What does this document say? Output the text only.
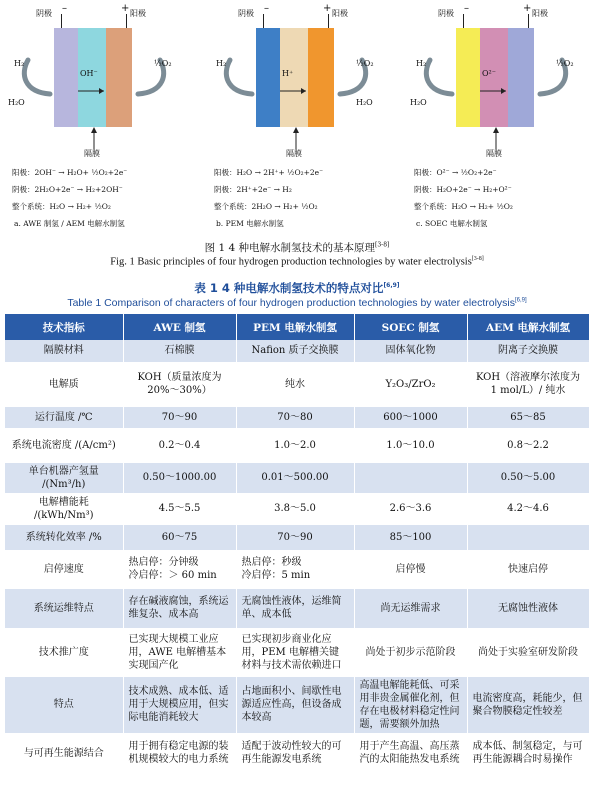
阴极 –	+ 阳极
OH⁻
H₂
H₂O
½O₂
隔膜
阳极：2OH⁻ → H₂O+ ½O₂+2e⁻
阴极：2H₂O+2e⁻ → H₂+2OH⁻
整个系统：H₂O → H₂+ ½O₂
a. AWE 制氢 / AEM 电解水制氢
阴极 –	+ 阳极
H⁺
H₂	½O₂
H₂O
隔膜
阳极：H₂O → 2H⁺+ ½O₂+2e⁻
阴极：2H⁺+2e⁻ → H₂
整个系统：2H₂O → H₂+ ½O₂
b. PEM 电解水制氢
阴极 –	+ 阳极
O²⁻
H₂
H₂O
½O₂
隔膜
阳极：O²⁻ → ½O₂+2e⁻
阴极：H₂O+2e⁻ → H₂+O²⁻
整个系统：H₂O → H₂+ ½O₂
c. SOEC 电解水制氢
图 1 4 种电解水制氢技术的基本原理[3-8]
Fig. 1 Basic principles of four hydrogen production technologies by water electrolysis[3-8]
表 1 4 种电解水制氢技术的特点对比[6,9]
Table 1 Comparison of characters of four hydrogen production technologies by water electrolysis[6,9]
技术指标	AWE 制氢	PEM 电解水制氢	SOEC 制氢	AEM 电解水制氢
隔膜材料	石棉膜	Nafion 质子交换膜	固体氧化物	阴离子交换膜
电解质	KOH（质量浓度为 20%～30%）	纯水	Y₂O₃/ZrO₂	KOH（溶液摩尔浓度为 1 mol/L）/ 纯水
运行温度 /℃	70～90	70～80	600～1000	65～85
系统电流密度 /(A/cm²)	0.2～0.4	1.0～2.0	1.0～10.0	0.8～2.2
单台机器产氢量 /(Nm³/h)	0.50～1000.00	0.01～500.00		0.50～5.00
电解槽能耗 /(kWh/Nm³)	4.5～5.5	3.8～5.0	2.6～3.6	4.2～4.6
系统转化效率 /%	60～75	70～90	85～100	
启停速度	热启停：分钟级
冷启停：＞ 60 min	热启停：秒级
冷启停：5 min	启停慢	快速启停
系统运维特点	存在碱液腐蚀，系统运维复杂、成本高	无腐蚀性液体，运维简单、成本低	尚无运维需求	无腐蚀性液体
技术推广度	已实现大规模工业应用，AWE 电解槽基本实现国产化	已实现初步商业化应用，PEM 电解槽关键材料与技术需依赖进口	尚处于初步示范阶段	尚处于实验室研发阶段
特点	技术成熟、成本低、适用于大规模应用，但实际电能消耗较大	占地面积小、间歇性电源适应性高，但设备成本较高	高温电解能耗低、可采用非贵金属催化剂，但存在电极材料稳定性问题，需要额外加热	电流密度高，耗能少，但聚合物膜稳定性较差
与可再生能源结合	用于拥有稳定电源的装机规模较大的电力系统	适配于波动性较大的可再生能源发电系统	用于产生高温、高压蒸汽的太阳能热发电系统	成本低、制氢稳定，与可再生能源耦合时易操作
